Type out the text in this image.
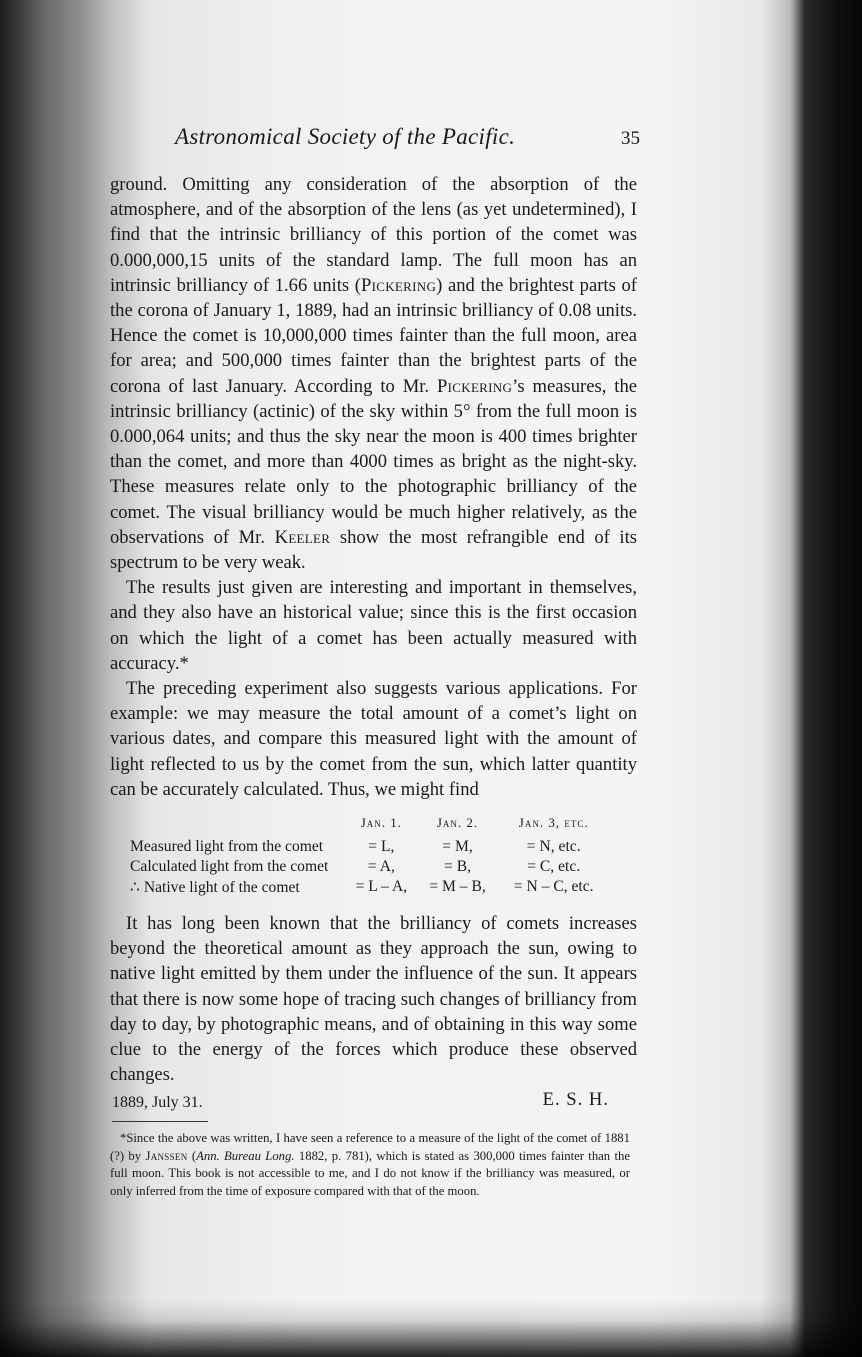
Astronomical Society of the Pacific.	35

ground. Omitting any consideration of the absorption of the atmosphere, and of the absorption of the lens (as yet undetermined), I find that the intrinsic brilliancy of this portion of the comet was 0.000,000,15 units of the standard lamp. The full moon has an intrinsic brilliancy of 1.66 units (Pickering) and the brightest parts of the corona of January 1, 1889, had an intrinsic brilliancy of 0.08 units. Hence the comet is 10,000,000 times fainter than the full moon, area for area; and 500,000 times fainter than the brightest parts of the corona of last January. According to Mr. Pickering’s measures, the intrinsic brilliancy (actinic) of the sky within 5° from the full moon is 0.000,064 units; and thus the sky near the moon is 400 times brighter than the comet, and more than 4000 times as bright as the night-sky. These measures relate only to the photographic brilliancy of the comet. The visual brilliancy would be much higher relatively, as the observations of Mr. Keeler show the most refrangible end of its spectrum to be very weak.

The results just given are interesting and important in themselves, and they also have an historical value; since this is the first occasion on which the light of a comet has been actually measured with accuracy.*

The preceding experiment also suggests various applications. For example: we may measure the total amount of a comet’s light on various dates, and compare this measured light with the amount of light reflected to us by the comet from the sun, which latter quantity can be accurately calculated. Thus, we might find

	Jan. 1.	Jan. 2.	Jan. 3, etc.
Measured light from the comet	= L,	= M,	= N, etc.
Calculated light from the comet	= A,	= B,	= C, etc.
∴ Native light of the comet	= L – A,	= M – B,	= N – C, etc.

It has long been known that the brilliancy of comets increases beyond the theoretical amount as they approach the sun, owing to native light emitted by them under the influence of the sun. It appears that there is now some hope of tracing such changes of brilliancy from day to day, by photographic means, and of obtaining in this way some clue to the energy of the forces which produce these observed changes.

E. S. H.
1889, July 31.

*Since the above was written, I have seen a reference to a measure of the light of the comet of 1881 (?) by Janssen (Ann. Bureau Long. 1882, p. 781), which is stated as 300,000 times fainter than the full moon. This book is not accessible to me, and I do not know if the brilliancy was measured, or only inferred from the time of exposure compared with that of the moon.
